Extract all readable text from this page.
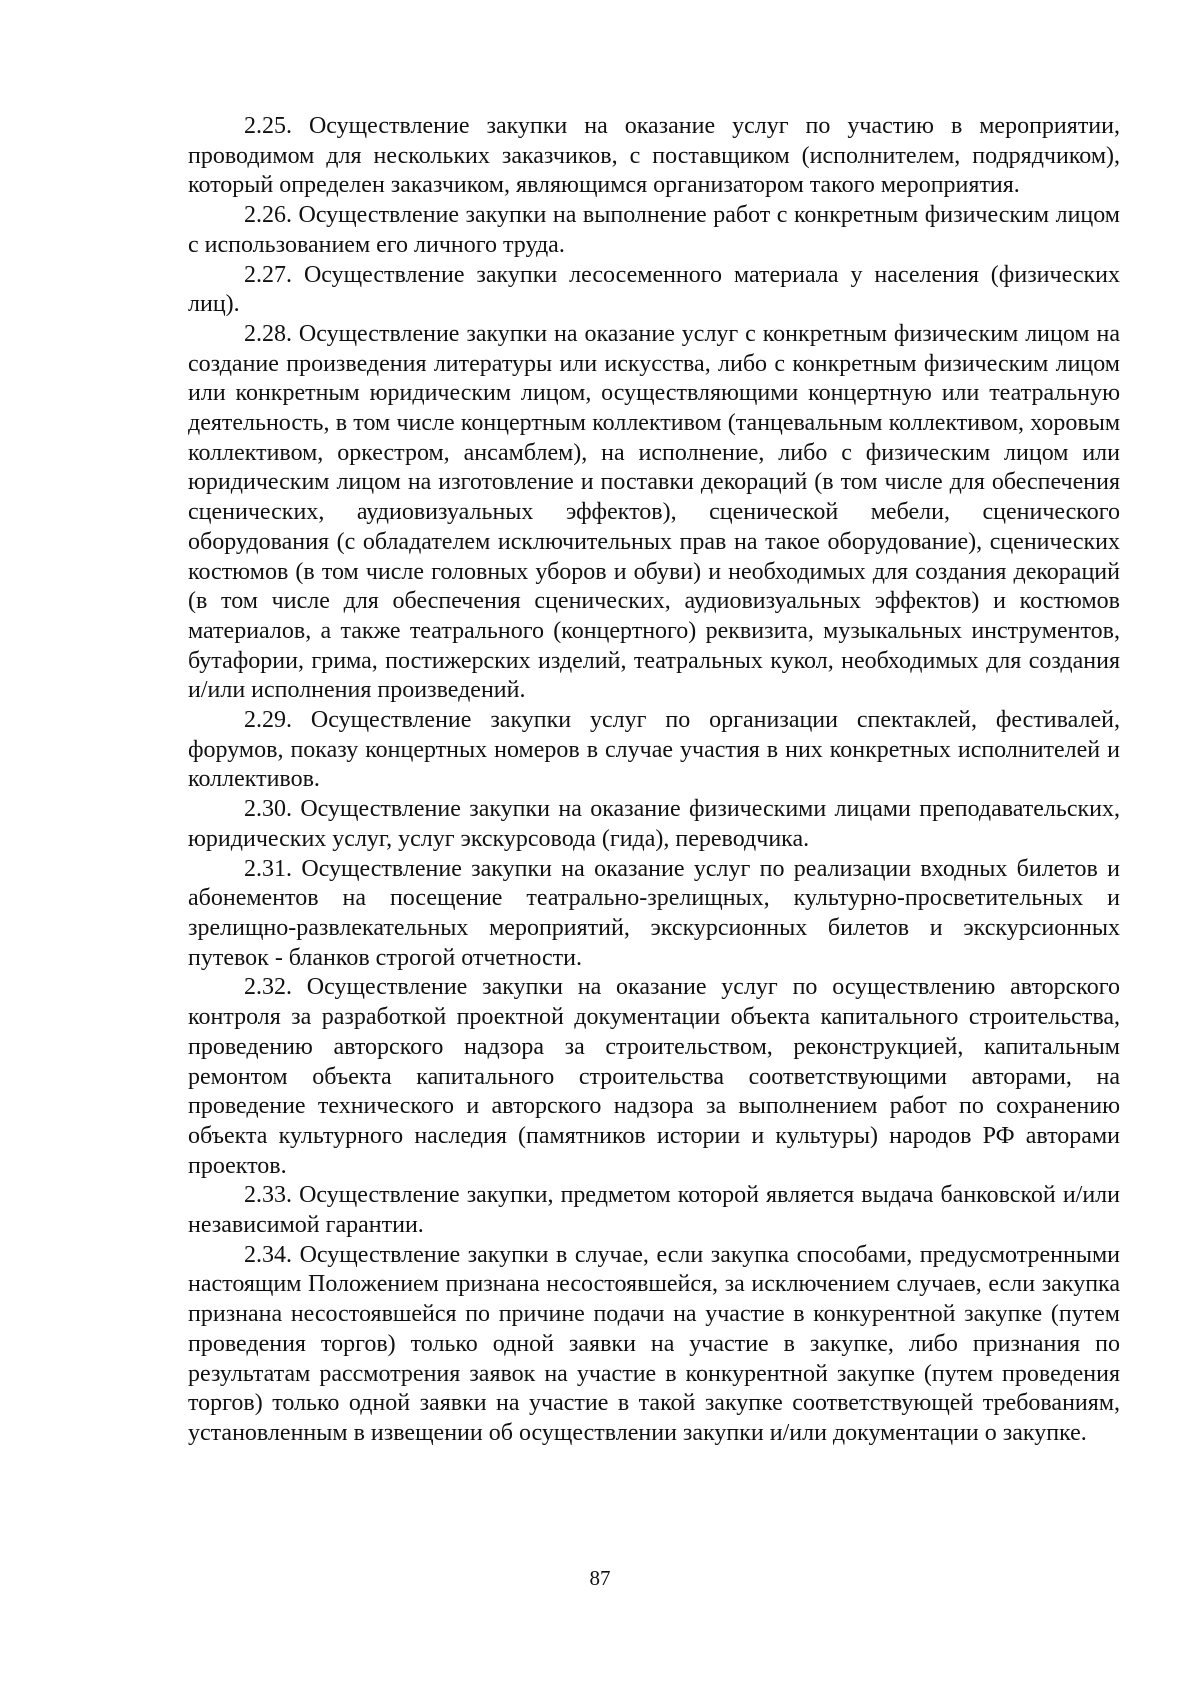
2.25. Осуществление закупки на оказание услуг по участию в мероприятии, проводимом для нескольких заказчиков, с поставщиком (исполнителем, подрядчиком), который определен заказчиком, являющимся организатором такого мероприятия.

2.26. Осуществление закупки на выполнение работ с конкретным физическим лицом с использованием его личного труда.

2.27. Осуществление закупки лесосеменного материала у населения (физических лиц).

2.28. Осуществление закупки на оказание услуг с конкретным физическим лицом на создание произведения литературы или искусства, либо с конкретным физическим лицом или конкретным юридическим лицом, осуществляющими концертную или театральную деятельность, в том числе концертным коллективом (танцевальным коллективом, хоровым коллективом, оркестром, ансамблем), на исполнение, либо с физическим лицом или юридическим лицом на изготовление и поставки декораций (в том числе для обеспечения сценических, аудиовизуальных эффектов), сценической мебели, сценического оборудования (с обладателем исключительных прав на такое оборудование), сценических костюмов (в том числе головных уборов и обуви) и необходимых для создания декораций (в том числе для обеспечения сценических, аудиовизуальных эффектов) и костюмов материалов, а также театрального (концертного) реквизита, музыкальных инструментов, бутафории, грима, постижерских изделий, театральных кукол, необходимых для создания и/или исполнения произведений.

2.29. Осуществление закупки услуг по организации спектаклей, фестивалей, форумов, показу концертных номеров в случае участия в них конкретных исполнителей и коллективов.

2.30. Осуществление закупки на оказание физическими лицами преподавательских, юридических услуг, услуг экскурсовода (гида), переводчика.

2.31. Осуществление закупки на оказание услуг по реализации входных билетов и абонементов на посещение театрально-зрелищных, культурно-просветительных и зрелищно-развлекательных мероприятий, экскурсионных билетов и экскурсионных путевок - бланков строгой отчетности.

2.32. Осуществление закупки на оказание услуг по осуществлению авторского контроля за разработкой проектной документации объекта капитального строительства, проведению авторского надзора за строительством, реконструкцией, капитальным ремонтом объекта капитального строительства соответствующими авторами, на проведение технического и авторского надзора за выполнением работ по сохранению объекта культурного наследия (памятников истории и культуры) народов РФ авторами проектов.

2.33. Осуществление закупки, предметом которой является выдача банковской и/или независимой гарантии.

2.34. Осуществление закупки в случае, если закупка способами, предусмотренными настоящим Положением признана несостоявшейся, за исключением случаев, если закупка признана несостоявшейся по причине подачи на участие в конкурентной закупке (путем проведения торгов) только одной заявки на участие в закупке, либо признания по результатам рассмотрения заявок на участие в конкурентной закупке (путем проведения торгов) только одной заявки на участие в такой закупке соответствующей требованиям, установленным в извещении об осуществлении закупки и/или документации о закупке.

87
